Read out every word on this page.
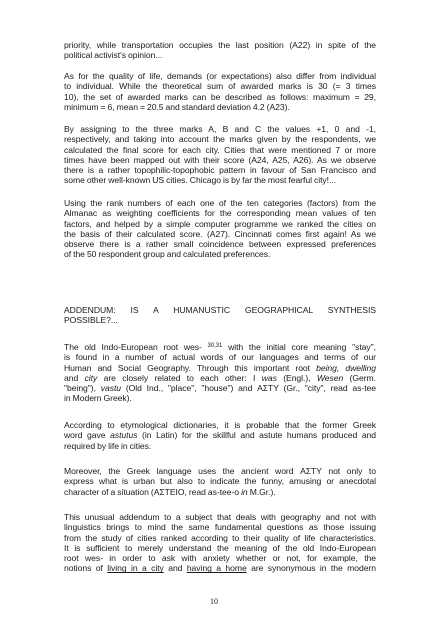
priority, while transportation occupies the last position (A22) in spite of the
political activist's opinion...

As for the quality of life, demands (or expectations) also differ from individual
to individual. While the theoretical sum of awarded marks is 30 (= 3 times
10), the set of awarded marks can be described as follows: maximum = 29,
minimum = 6, mean = 20.5 and standard deviation 4.2 (A23).

By assigning to the three marks A, B and C the values +1, 0 and -1,
respectively, and taking into account the marks given by the respondents, we
calculated the final score for each city. Cities that were mentioned 7 or more
times have been mapped out with their score (A24, A25, A26). As we observe
there is a rather topophilic-topophobic pattern in favour of San Francisco and
some other well-known US cities. Chicago is by far the most fearful city!...

Using the rank numbers of each one of the ten categories (factors) from the
Almanac as weighting coefficients for the corresponding mean values of ten
factors, and helped by a simple computer programme we ranked the cities on
the basis of their calculated score. (A27). Cincinnati comes first again! As we
observe there is a rather small coincidence between expressed preferences
of the 50 respondent group and calculated preferences.

ADDENDUM: IS A HUMANUSTIC GEOGRAPHICAL SYNTHESIS
POSSIBLE?...

The old Indo-European root wes- $^{30,31}$ with the initial core meaning "stay",
is found in a number of actual words of our languages and terms of our
Human and Social Geography. Through this important root being, dwelling
and city are closely related to each other: I was (Engl.), Wesen (Germ.
"being"), vastu (Old Ind., "place", "house") and ΑΣΤΥ (Gr., "city", read as-tee
in Modern Greek).

According to etymological dictionaries, it is probable that the former Greek
word gave astutus (in Latin) for the skillful and astute humans produced and
required by life in cities.

Moreover, the Greek language uses the ancient word ΑΣΤΥ not only to
express what is urban but also to indicate the funny, amusing or anecdotal
character of a situation (ΑΣΤΕΙΟ, read as-tee-o in M.Gr.).

This unusual addendum to a subject that deals with geography and not with
linguistics brings to mind the same fundamental questions as those issuing
from the study of cities ranked according to their quality of life characteristics.
It is sufficient to merely understand the meaning of the old Indo-European
root wes- in order to ask with anxiety whether or not, for example, the
notions of living in a city and having a home are synonymous in the modern

10
